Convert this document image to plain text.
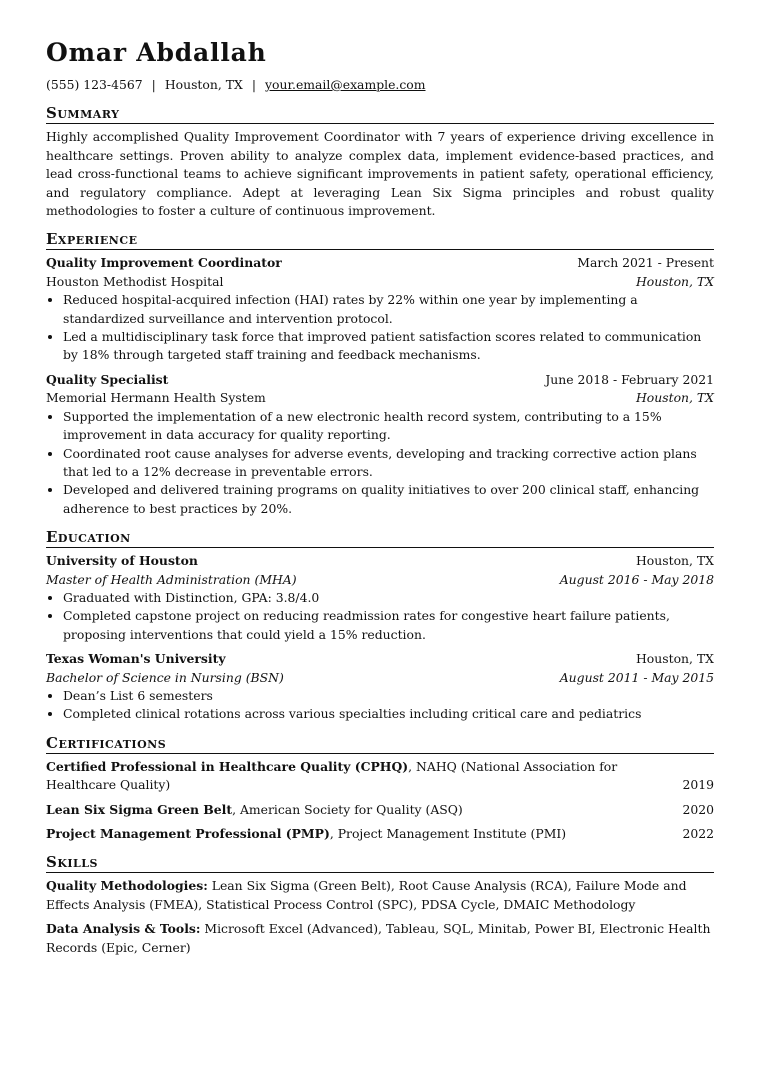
Omar Abdallah
(555) 123-4567 | Houston, TX | your.email@example.com
Summary
Highly accomplished Quality Improvement Coordinator with 7 years of experience driving excellence in healthcare settings. Proven ability to analyze complex data, implement evidence-based practices, and lead cross-functional teams to achieve significant improvements in patient safety, operational efficiency, and regulatory compliance. Adept at leveraging Lean Six Sigma principles and robust quality methodologies to foster a culture of continuous improvement.
Experience
Quality Improvement Coordinator	March 2021 - Present
Houston Methodist Hospital	Houston, TX
• Reduced hospital-acquired infection (HAI) rates by 22% within one year by implementing a standardized surveillance and intervention protocol.
• Led a multidisciplinary task force that improved patient satisfaction scores related to communication by 18% through targeted staff training and feedback mechanisms.
Quality Specialist	June 2018 - February 2021
Memorial Hermann Health System	Houston, TX
• Supported the implementation of a new electronic health record system, contributing to a 15% improvement in data accuracy for quality reporting.
• Coordinated root cause analyses for adverse events, developing and tracking corrective action plans that led to a 12% decrease in preventable errors.
• Developed and delivered training programs on quality initiatives to over 200 clinical staff, enhancing adherence to best practices by 20%.
Education
University of Houston	Houston, TX
Master of Health Administration (MHA)	August 2016 - May 2018
• Graduated with Distinction, GPA: 3.8/4.0
• Completed capstone project on reducing readmission rates for congestive heart failure patients, proposing interventions that could yield a 15% reduction.
Texas Woman's University	Houston, TX
Bachelor of Science in Nursing (BSN)	August 2011 - May 2015
• Dean’s List 6 semesters
• Completed clinical rotations across various specialties including critical care and pediatrics
Certifications
Certified Professional in Healthcare Quality (CPHQ), NAHQ (National Association for Healthcare Quality)	2019
Lean Six Sigma Green Belt, American Society for Quality (ASQ)	2020
Project Management Professional (PMP), Project Management Institute (PMI)	2022
Skills
Quality Methodologies: Lean Six Sigma (Green Belt), Root Cause Analysis (RCA), Failure Mode and Effects Analysis (FMEA), Statistical Process Control (SPC), PDSA Cycle, DMAIC Methodology
Data Analysis & Tools: Microsoft Excel (Advanced), Tableau, SQL, Minitab, Power BI, Electronic Health Records (Epic, Cerner)
